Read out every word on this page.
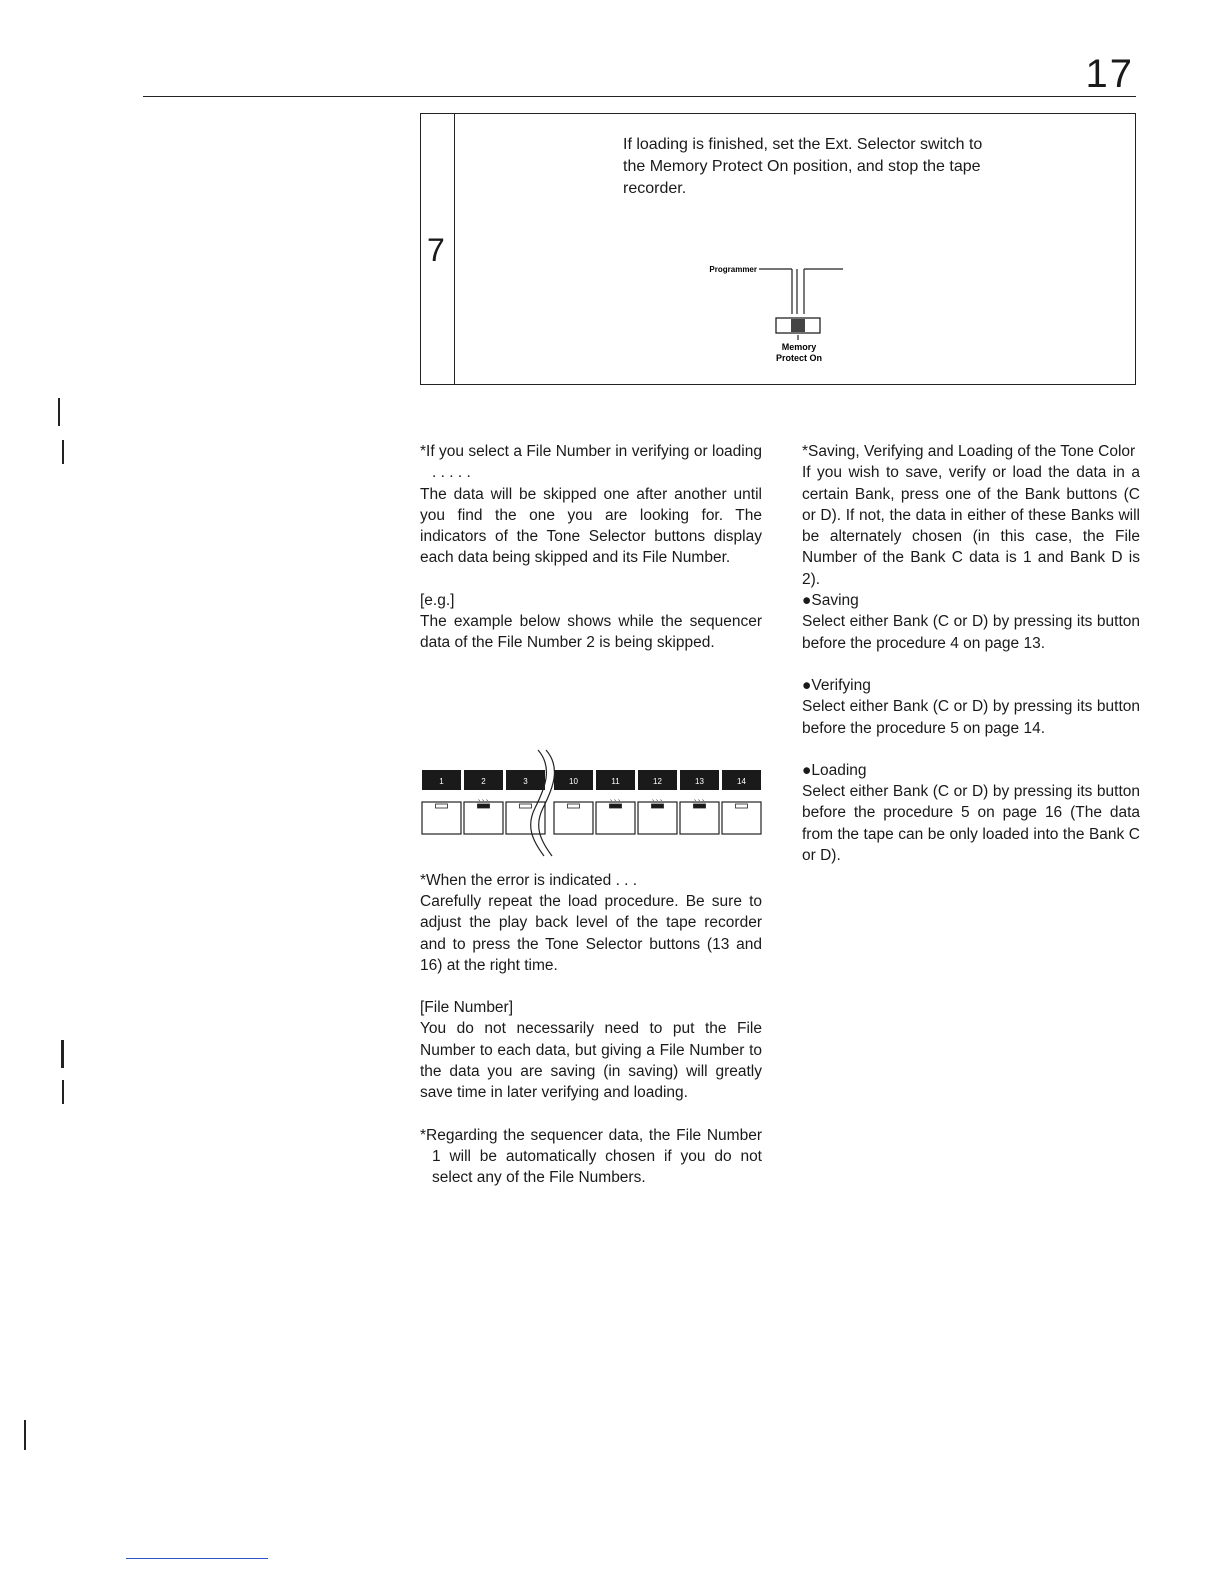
17
7
If loading is finished, set the Ext. Selector switch to the Memory Protect On position, and stop the tape recorder.
Programmer
Memory
Protect On

*If you select a File Number in verifying or loading . . . . .

The data will be skipped one after another until you find the one you are looking for. The indicators of the Tone Selector buttons display each data being skipped and its File Number.

[e.g.]

The example below shows while the sequencer data of the File Number 2 is being skipped.

*When the error is indicated . . .

Carefully repeat the load procedure. Be sure to adjust the play back level of the tape recorder and to press the Tone Selector buttons (13 and 16) at the right time.

[File Number]

You do not necessarily need to put the File Number to each data, but giving a File Number to the data you are saving (in saving) will greatly save time in later verifying and loading.

*Regarding the sequencer data, the File Number 1 will be automatically chosen if you do not select any of the File Numbers.

1	2
ˎˎˎ
3	10	11
ˎˎˎ
12
ˎˎˎ
13
ˎˎˎ
14

*Saving, Verifying and Loading of the Tone Color

If you wish to save, verify or load the data in a certain Bank, press one of the Bank buttons (C or D). If not, the data in either of these Banks will be alternately chosen (in this case, the File Number of the Bank C data is 1 and Bank D is 2).

●Saving

Select either Bank (C or D) by pressing its button before the procedure 4 on page 13.

●Verifying

Select either Bank (C or D) by pressing its button before the procedure 5 on page 14.

●Loading

Select either Bank (C or D) by pressing its button before the procedure 5 on page 16 (The data from the tape can be only loaded into the Bank C or D).
